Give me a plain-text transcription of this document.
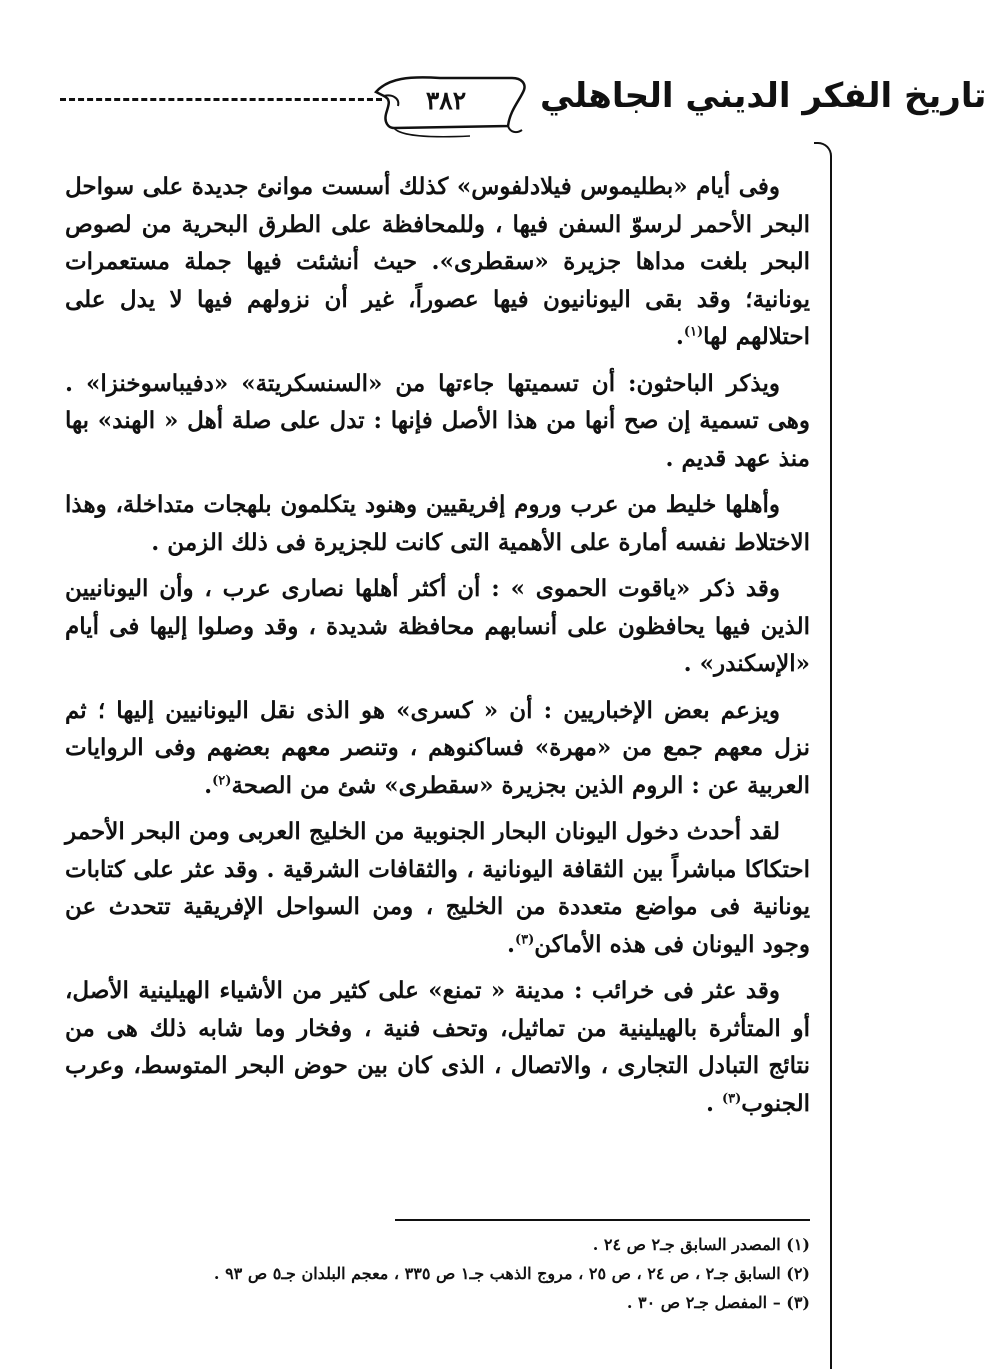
٣٨٢	تاريخ الفكر الديني الجاهلي

وفى أيام «بطليموس فيلادلفوس» كذلك أسست موانئ جديدة على سواحل البحر الأحمر لرسوّ السفن فيها ، وللمحافظة على الطرق البحرية من لصوص البحر بلغت مداها جزيرة «سقطرى». حيث أنشئت فيها جملة مستعمرات يونانية؛ وقد بقى اليونانيون فيها عصوراً، غير أن نزولهم فيها لا يدل على احتلالهم لها$^{(١)}$.

ويذكر الباحثون: أن تسميتها جاءتها من «السنسكريتة» «دفيباسوخنزا» . وهى تسمية إن صح أنها من هذا الأصل فإنها : تدل على صلة أهل « الهند» بها منذ عهد قديم .

وأهلها خليط من عرب وروم إفريقيين وهنود يتكلمون بلهجات متداخلة، وهذا الاختلاط نفسه أمارة على الأهمية التى كانت للجزيرة فى ذلك الزمن .

وقد ذكر «ياقوت الحموى » : أن أكثر أهلها نصارى عرب ، وأن اليونانيين الذين فيها يحافظون على أنسابهم محافظة شديدة ، وقد وصلوا إليها فى أيام «الإسكندر» .

ويزعم بعض الإخباريين : أن « كسرى» هو الذى نقل اليونانيين إليها ؛ ثم نزل معهم جمع من «مهرة» فساكنوهم ، وتنصر معهم بعضهم وفى الروايات العربية عن : الروم الذين بجزيرة «سقطرى» شئ من الصحة$^{(٢)}$.

لقد أحدث دخول اليونان البحار الجنوبية من الخليج العربى ومن البحر الأحمر احتكاكا مباشراً بين الثقافة اليونانية ، والثقافات الشرقية . وقد عثر على كتابات يونانية فى مواضع متعددة من الخليج ، ومن السواحل الإفريقية تتحدث عن وجود اليونان فى هذه الأماكن$^{(٣)}$.

وقد عثر فى خرائب : مدينة « تمنع» على كثير من الأشياء الهيلينية الأصل، أو المتأثرة بالهيلينية من تماثيل، وتحف فنية ، وفخار وما شابه ذلك هى من نتائج التبادل التجارى ، والاتصال ، الذى كان بين حوض البحر المتوسط، وعرب الجنوب$^{(٣)}$ .

(١) المصدر السابق جـ٢ ص ٢٤ .

(٢) السابق جـ٢ ، ص ٢٤ ، ص ٢٥ ، مروج الذهب جـ١ ص ٣٣٥ ، معجم البلدان جـ٥ ص ٩٣ .

(٣) – المفصل جـ٢ ص ٣٠ .
